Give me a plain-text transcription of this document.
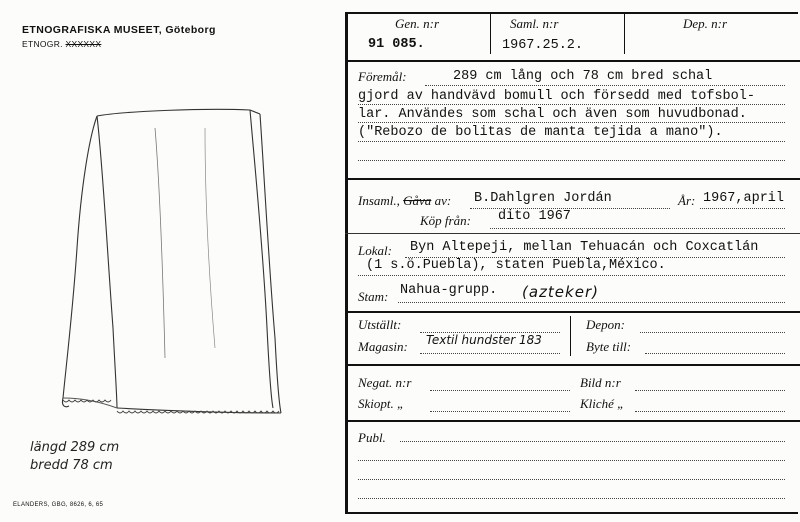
ETNOGRAFISKA MUSEET, Göteborg
ETNOGR. XXXXXX
längd 289 cm
bredd 78 cm
ELANDERS, GBG, 8626, 6, 65
Gen. n:r	Saml. n:r	Dep. n:r
91 085.	1967.25.2.
Föremål:	289 cm lång och 78 cm bred schal
gjord av handvävd bomull och försedd med tofsbol-
lar. Användes som schal och även som huvudbonad.
("Rebozo de bolitas de manta tejida a mano").
Insaml., Gåva av: B.Dahlgren Jordán	År: 1967,april
Köp från: dito 1967
Lokal: Byn Altepeji, mellan Tehuacán och Coxcatlán
(1 s.ö.Puebla), staten Puebla,México.
Stam: Nahua-grupp. (azteker)
Utställt:
Magasin: Textil hundster 183
Depon:
Byte till:
Negat. n:r	Bild n:r
Skiopt. „	Kliché „
Publ.
